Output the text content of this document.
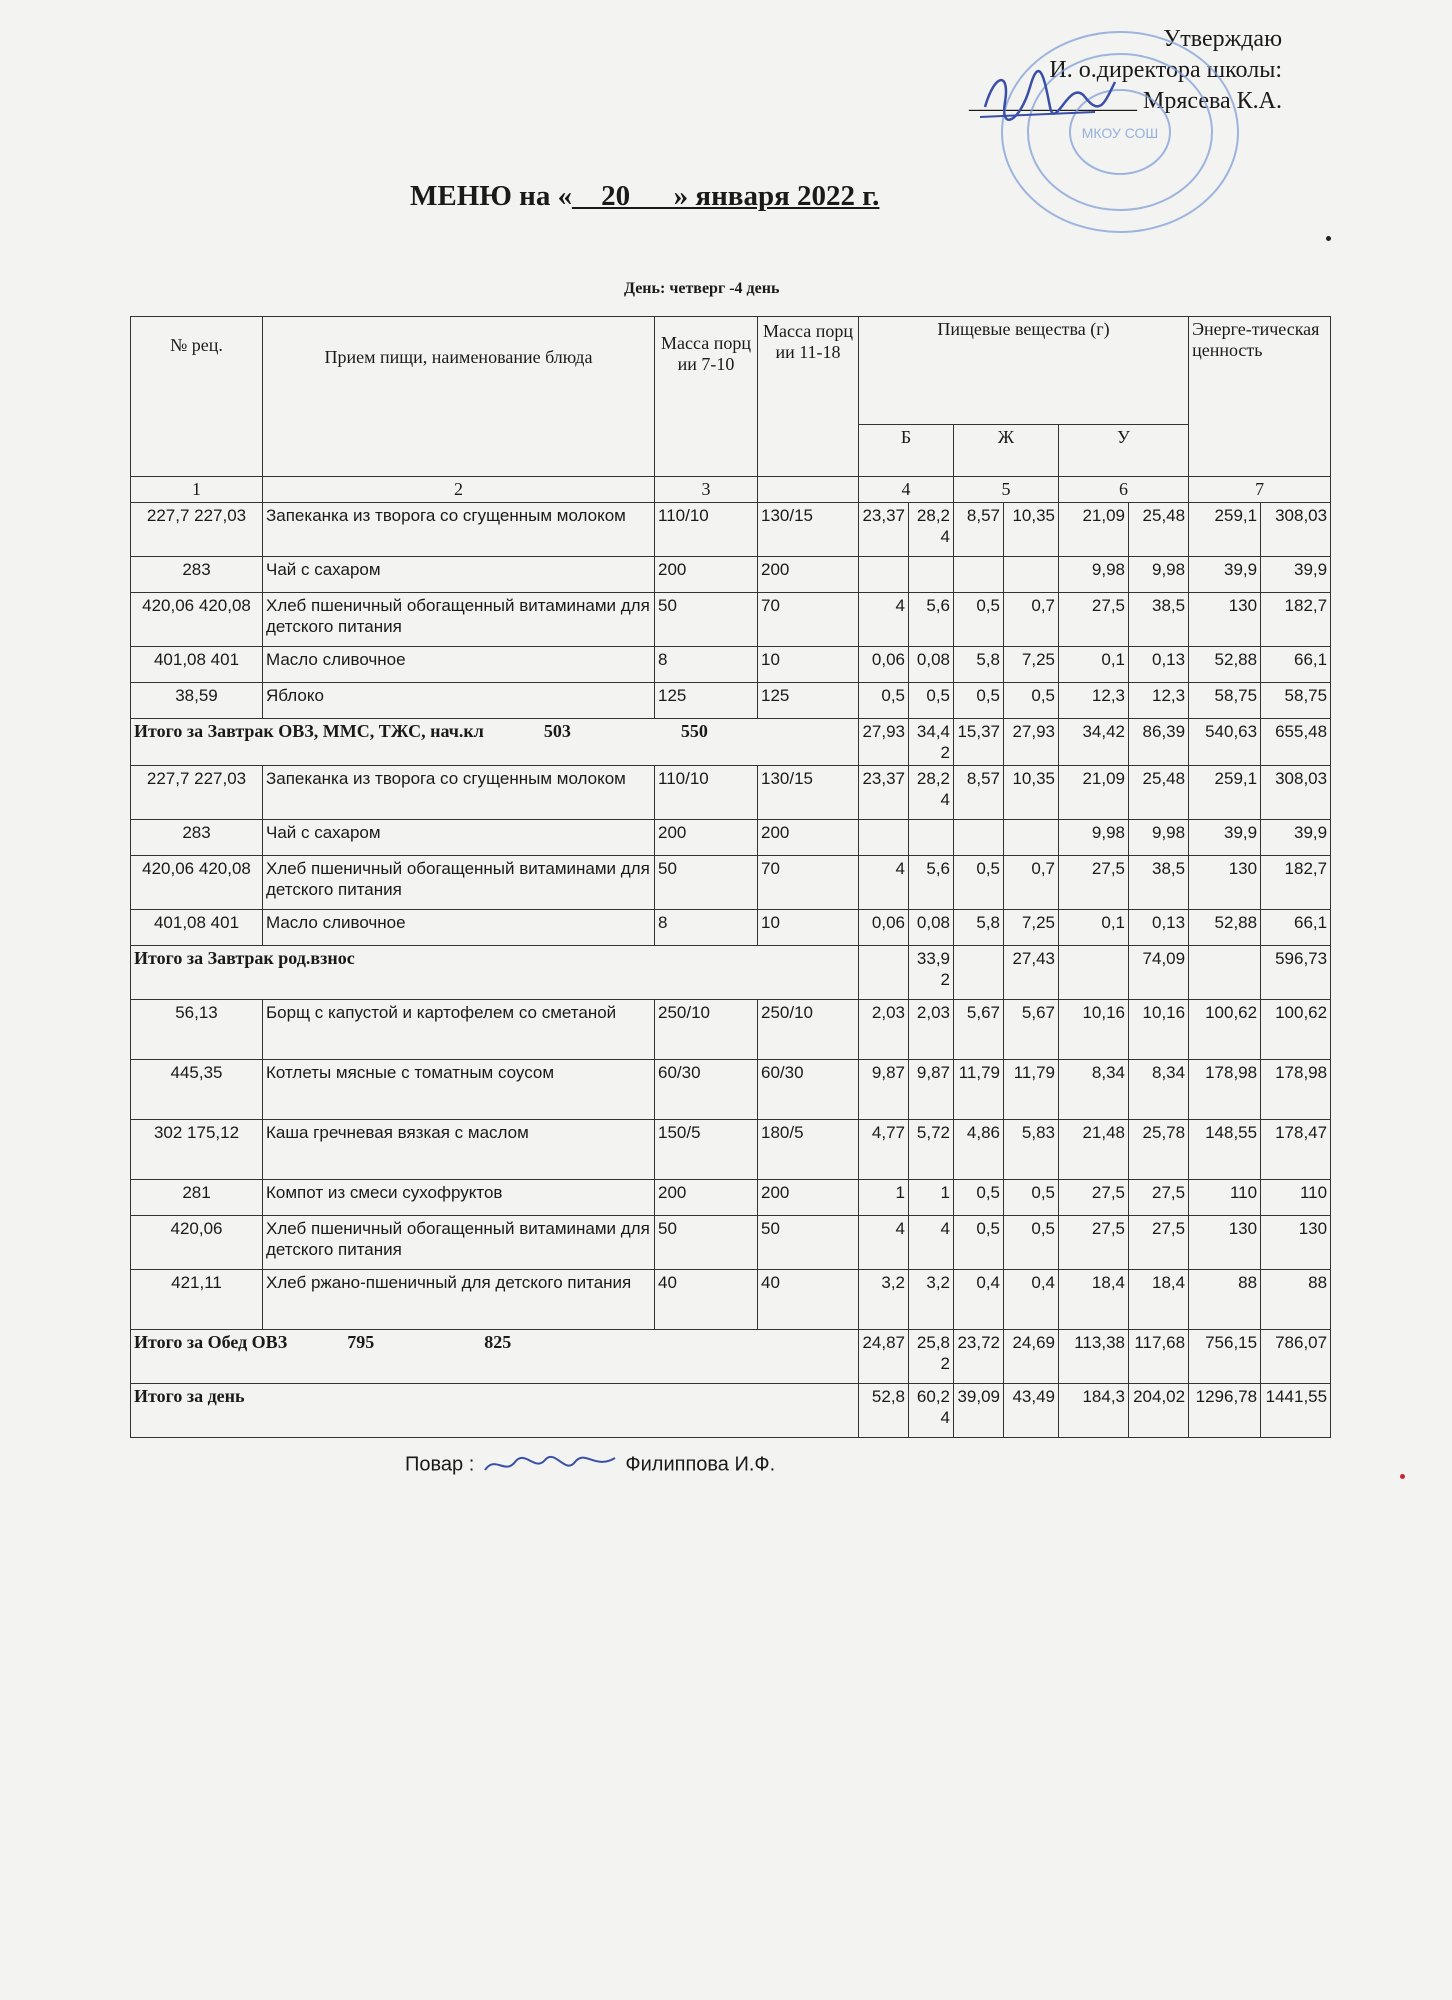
Утверждаю
И. о.директора школы:
______________ Мрясева К.А.
МКОУ СОШ
МЕНЮ на «__20___» января 2022 г.
День: четверг -4 день
№ рец.	Прием пищи, наименование блюда	Масса порции 7-10	Масса порции 11-18	Пищевые вещества (г)						Энерге-тическая ценность	
				Б		Ж		У			
1	2	3		4		5		6		7	
227,7 227,03	Запеканка из творога со сгущенным молоком	110/10	130/15	23,37	28,24	8,57	10,35	21,09	25,48	259,1	308,03
283	Чай с сахаром	200	200					9,98	9,98	39,9	39,9
420,06 420,08	Хлеб пшеничный обогащенный витаминами для детского питания	50	70	4	5,6	0,5	0,7	27,5	38,5	130	182,7
401,08 401	Масло сливочное	8	10	0,06	0,08	5,8	7,25	0,1	0,13	52,88	66,1
38,59	Яблоко	125	125	0,5	0,5	0,5	0,5	12,3	12,3	58,75	58,75
Итого за Завтрак ОВЗ, ММС, ТЖС, нач.кл 503 550				27,93	34,42	15,37	27,93	34,42	86,39	540,63	655,48
227,7 227,03	Запеканка из творога со сгущенным молоком	110/10	130/15	23,37	28,24	8,57	10,35	21,09	25,48	259,1	308,03
283	Чай с сахаром	200	200					9,98	9,98	39,9	39,9
420,06 420,08	Хлеб пшеничный обогащенный витаминами для детского питания	50	70	4	5,6	0,5	0,7	27,5	38,5	130	182,7
401,08 401	Масло сливочное	8	10	0,06	0,08	5,8	7,25	0,1	0,13	52,88	66,1
Итого за Завтрак род.взнос					33,92		27,43		74,09		596,73
56,13	Борщ с капустой и картофелем со сметаной	250/10	250/10	2,03	2,03	5,67	5,67	10,16	10,16	100,62	100,62
445,35	Котлеты мясные с томатным соусом	60/30	60/30	9,87	9,87	11,79	11,79	8,34	8,34	178,98	178,98
302 175,12	Каша гречневая вязкая с маслом	150/5	180/5	4,77	5,72	4,86	5,83	21,48	25,78	148,55	178,47
281	Компот из смеси сухофруктов	200	200	1	1	0,5	0,5	27,5	27,5	110	110
420,06	Хлеб пшеничный обогащенный витаминами для детского питания	50	50	4	4	0,5	0,5	27,5	27,5	130	130
421,11	Хлеб ржано-пшеничный для детского питания	40	40	3,2	3,2	0,4	0,4	18,4	18,4	88	88
Итого за Обед ОВЗ 795 825				24,87	25,82	23,72	24,69	113,38	117,68	756,15	786,07
Итого за день				52,8	60,24	39,09	43,49	184,3	204,02	1296,78	1441,55
Повар :	Филиппова И.Ф.
